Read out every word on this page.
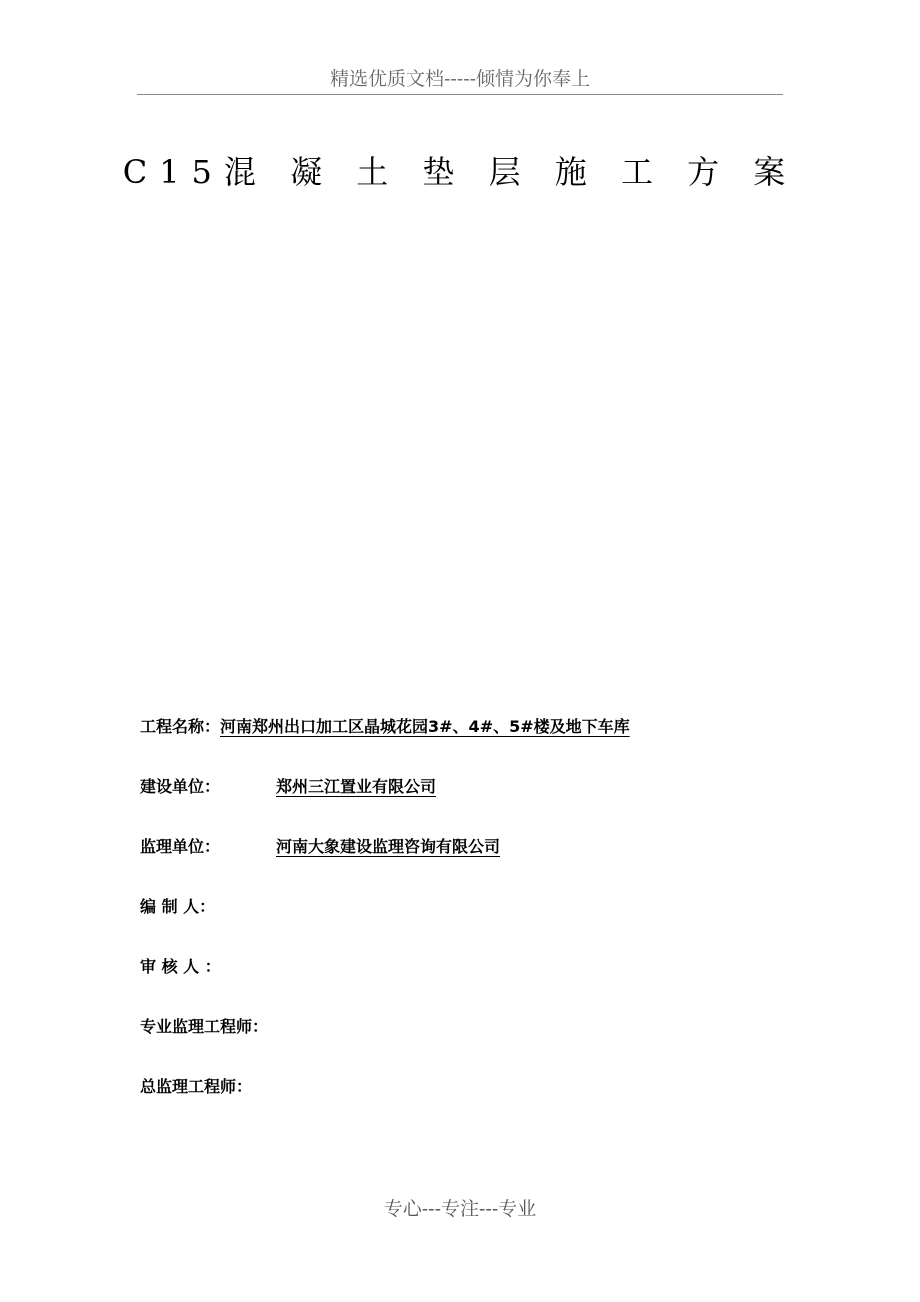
精选优质文档-----倾情为你奉上
C15混 凝 土 垫 层 施 工 方 案
工程名称：河南郑州出口加工区晶城花园3#、4#、5#楼及地下车库
建设单位：	郑州三江置业有限公司
监理单位：	河南大象建设监理咨询有限公司
编 制 人：
审 核 人 ：
专业监理工程师：
总监理工程师：
专心---专注---专业
